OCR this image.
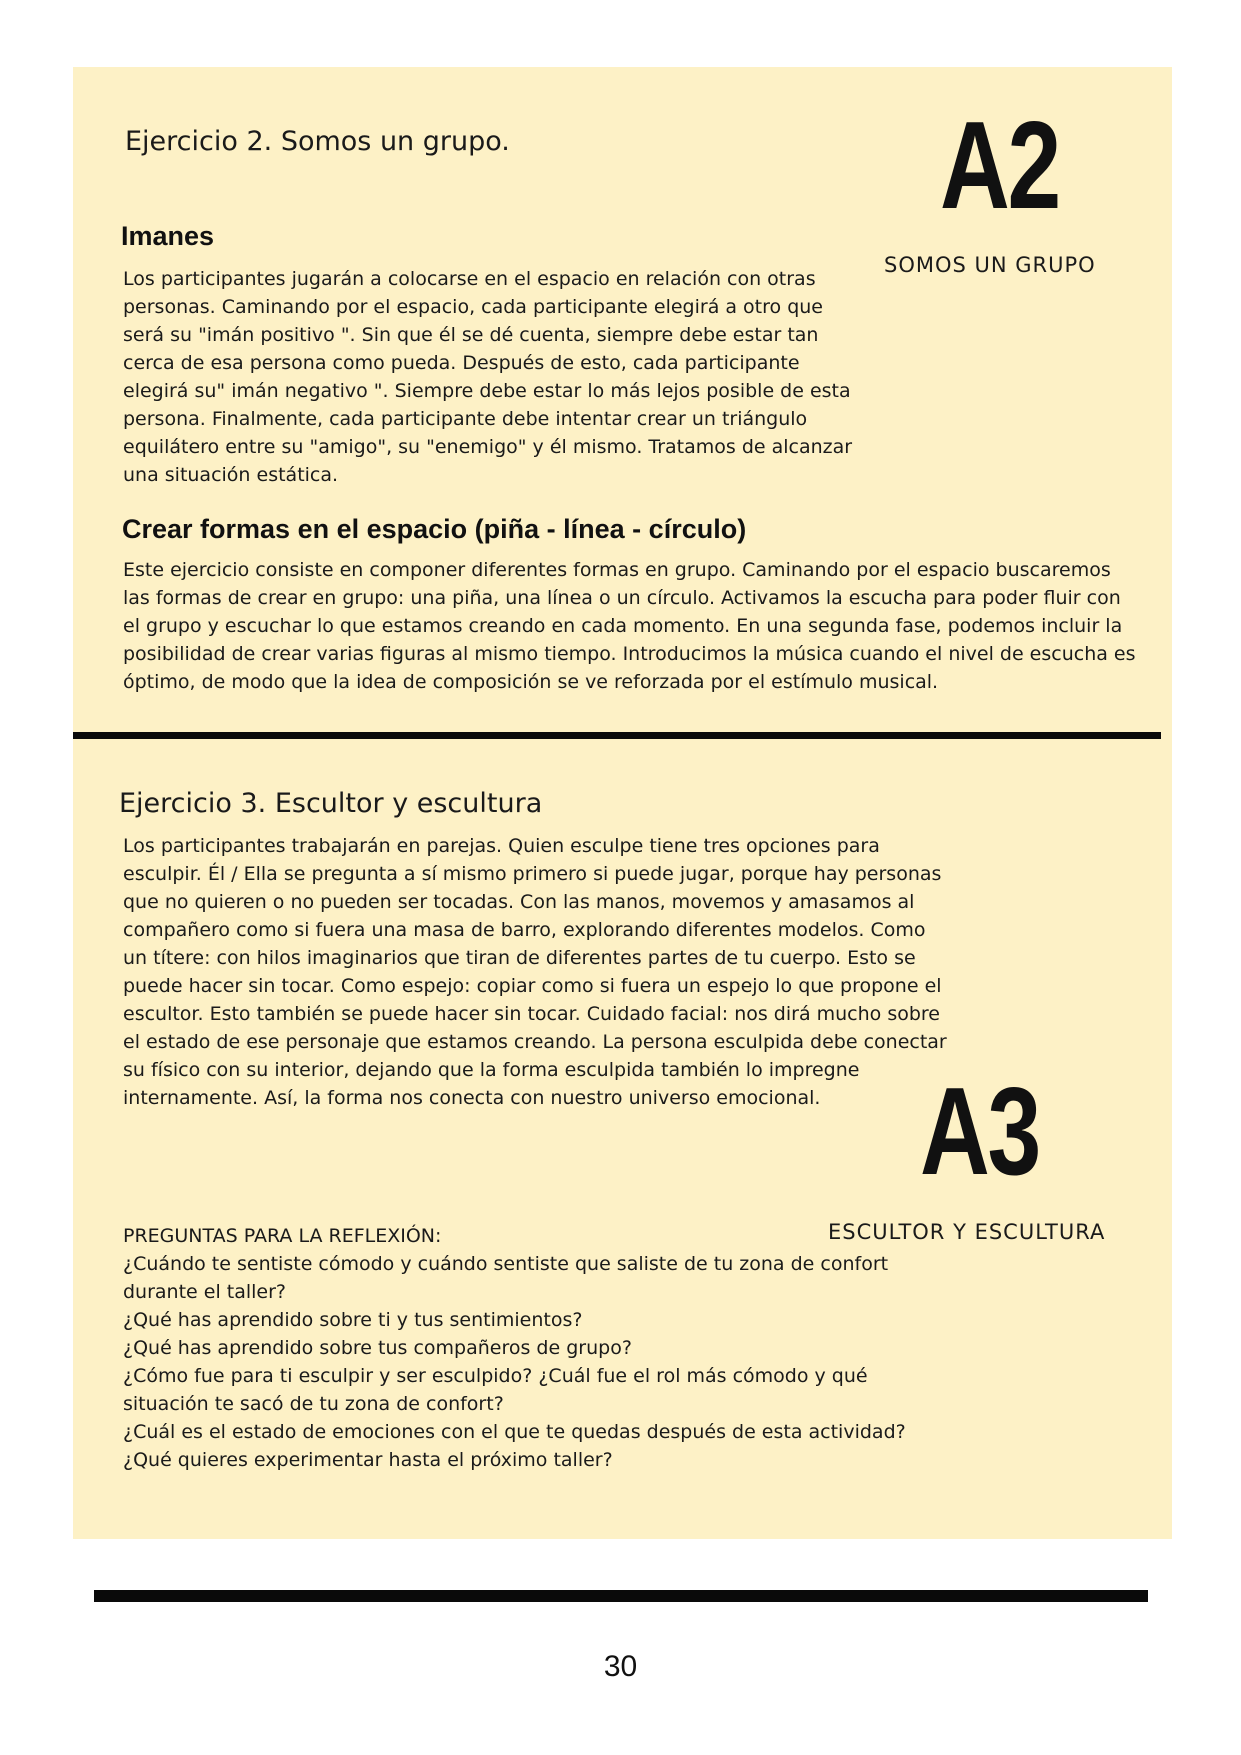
Ejercicio 2. Somos un grupo.	A2

SOMOS UN GRUPO

Imanes

Los participantes jugarán a colocarse en el espacio en relación con otras personas. Caminando por el espacio, cada participante elegirá a otro que será su "imán positivo ". Sin que él se dé cuenta, siempre debe estar tan cerca de esa persona como pueda. Después de esto, cada participante elegirá su" imán negativo ". Siempre debe estar lo más lejos posible de esta persona. Finalmente, cada participante debe intentar crear un triángulo equilátero entre su "amigo", su "enemigo" y él mismo. Tratamos de alcanzar una situación estática.

Crear formas en el espacio (piña - línea - círculo)

Este ejercicio consiste en componer diferentes formas en grupo. Caminando por el espacio buscaremos las formas de crear en grupo: una piña, una línea o un círculo. Activamos la escucha para poder fluir con el grupo y escuchar lo que estamos creando en cada momento. En una segunda fase, podemos incluir la posibilidad de crear varias figuras al mismo tiempo. Introducimos la música cuando el nivel de escucha es óptimo, de modo que la idea de composición se ve reforzada por el estímulo musical.

Ejercicio 3. Escultor y escultura

Los participantes trabajarán en parejas. Quien esculpe tiene tres opciones para esculpir. Él / Ella se pregunta a sí mismo primero si puede jugar, porque hay personas que no quieren o no pueden ser tocadas. Con las manos, movemos y amasamos al compañero como si fuera una masa de barro, explorando diferentes modelos. Como un títere: con hilos imaginarios que tiran de diferentes partes de tu cuerpo. Esto se puede hacer sin tocar. Como espejo: copiar como si fuera un espejo lo que propone el escultor. Esto también se puede hacer sin tocar. Cuidado facial: nos dirá mucho sobre el estado de ese personaje que estamos creando. La persona esculpida debe conectar su físico con su interior, dejando que la forma esculpida también lo impregne internamente. Así, la forma nos conecta con nuestro universo emocional. A3

ESCULTOR Y ESCULTURA

PREGUNTAS PARA LA REFLEXIÓN:

¿Cuándo te sentiste cómodo y cuándo sentiste que saliste de tu zona de confort durante el taller?

¿Qué has aprendido sobre ti y tus sentimientos?

¿Qué has aprendido sobre tus compañeros de grupo?

¿Cómo fue para ti esculpir y ser esculpido? ¿Cuál fue el rol más cómodo y qué situación te sacó de tu zona de confort?

¿Cuál es el estado de emociones con el que te quedas después de esta actividad?

¿Qué quieres experimentar hasta el próximo taller?

30
